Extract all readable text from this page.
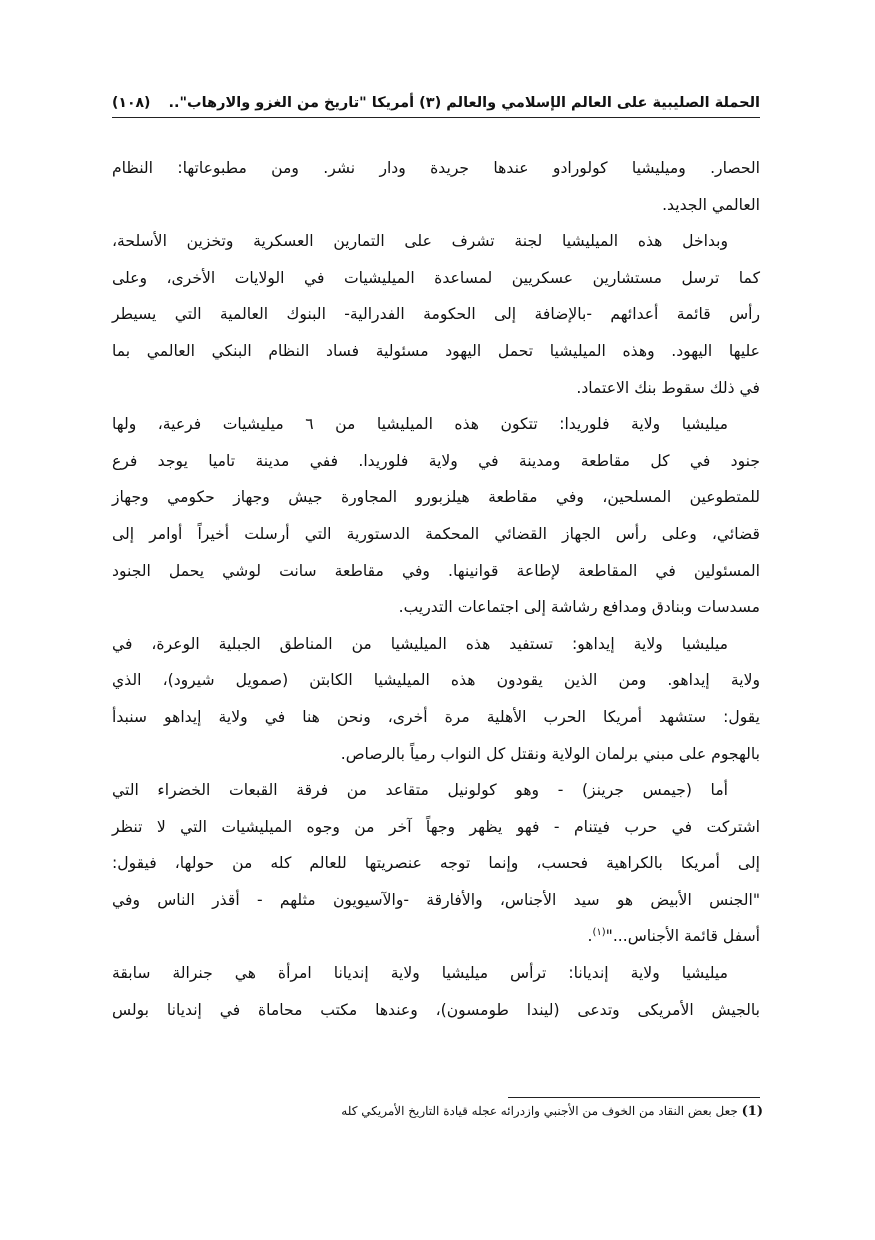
الحملة الصليبية على العالم الإسلامي والعالم (٣) أمريكا "تاريخ من الغزو والارهاب"..
(١٠٨)

الحصار. وميليشيا كولورادو عندها جريدة ودار نشر. ومن مطبوعاتها: النظام

العالمي الجديد.

وبداخل هذه الميليشيا لجنة تشرف على التمارين العسكرية وتخزين الأسلحة،

كما ترسل مستشارين عسكريين لمساعدة الميليشيات في الولايات الأخرى، وعلى

رأس قائمة أعدائهم -بالإضافة إلى الحكومة الفدرالية- البنوك العالمية التي يسيطر

عليها اليهود. وهذه الميليشيا تحمل اليهود مسئولية فساد النظام البنكي العالمي بما

في ذلك سقوط بنك الاعتماد.

ميليشيا ولاية فلوريدا: تتكون هذه الميليشيا من ٦ ميليشيات فرعية، ولها

جنود في كل مقاطعة ومدينة في ولاية فلوريدا. ففي مدينة تاميا يوجد فرع

للمتطوعين المسلحين، وفي مقاطعة هيلزبورو المجاورة جيش وجهاز حكومي وجهاز

قضائي، وعلى رأس الجهاز القضائي المحكمة الدستورية التي أرسلت أخيراً أوامر إلى

المسئولين في المقاطعة لإطاعة قوانينها. وفي مقاطعة سانت لوشي يحمل الجنود

مسدسات وبنادق ومدافع رشاشة إلى اجتماعات التدريب.

ميليشيا ولاية إيداهو: تستفيد هذه الميليشيا من المناطق الجبلية الوعرة، في

ولاية إيداهو. ومن الذين يقودون هذه الميليشيا الكابتن (صمويل شيرود)، الذي

يقول: ستشهد أمريكا الحرب الأهلية مرة أخرى، ونحن هنا في ولاية إيداهو سنبدأ

بالهجوم على مبني برلمان الولاية ونقتل كل النواب رمياً بالرصاص.

أما (جيمس جرينز) - وهو كولونيل متقاعد من فرقة القبعات الخضراء التي

اشتركت في حرب فيتنام - فهو يظهر وجهاً آخر من وجوه الميليشيات التي لا تنظر

إلى أمريكا بالكراهية فحسب، وإنما توجه عنصريتها للعالم كله من حولها، فيقول:

"الجنس الأبيض هو سيد الأجناس، والأفارقة -والآسيويون مثلهم - أقذر الناس وفي

أسفل قائمة الأجناس..."$^{(١)}$.

ميليشيا ولاية إنديانا: ترأس ميليشيا ولاية إنديانا امرأة هي جنرالة سابقة

بالجيش الأمريكى وتدعى (ليندا طومسون)، وعندها مكتب محاماة في إنديانا بولس

(1) جعل بعض النقاد من الخوف من الأجنبي وازدرائه عجله قيادة التاريخ الأمريكي كله
